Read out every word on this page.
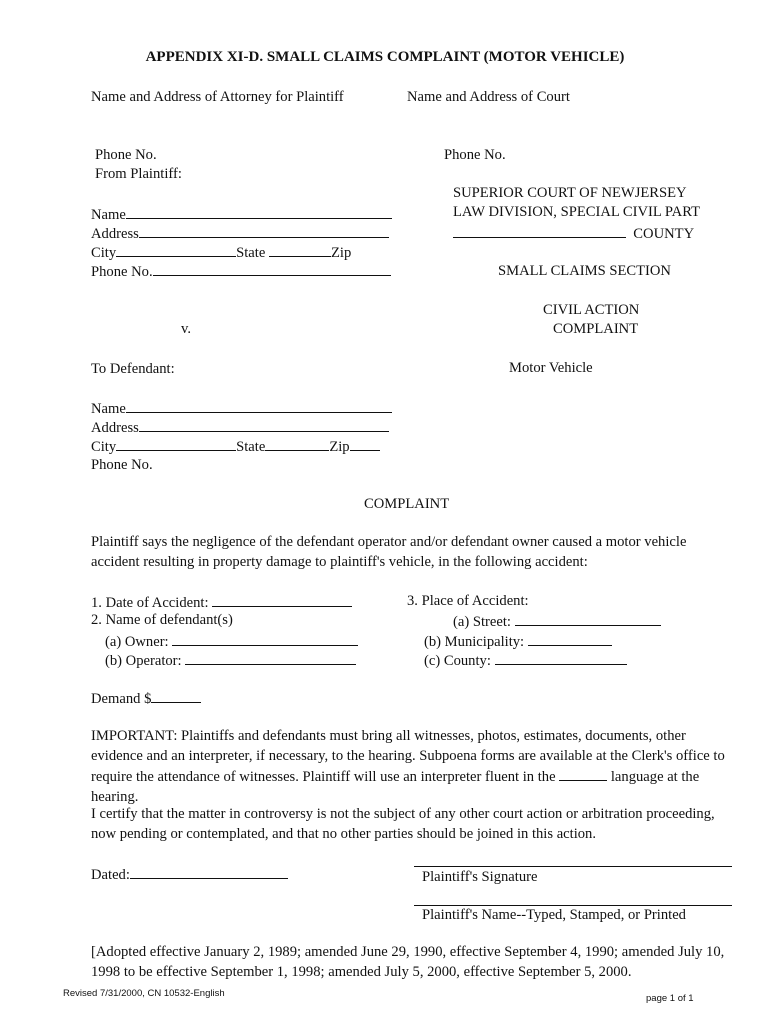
APPENDIX XI-D. SMALL CLAIMS COMPLAINT (MOTOR VEHICLE)
Name and Address of Attorney for Plaintiff	Name and Address of Court
Phone No.
From Plaintiff:
Phone No.
Name
Address
City	State	Zip
Phone No.
SUPERIOR COURT OF NEWJERSEY
LAW DIVISION, SPECIAL CIVIL PART
COUNTY
SMALL CLAIMS SECTION
CIVIL ACTION
COMPLAINT
Motor Vehicle
v.
To Defendant:
Name
Address
City	State	Zip
Phone No.
COMPLAINT
Plaintiff says the negligence of the defendant operator and/or defendant owner caused a motor vehicle accident resulting in property damage to plaintiff's vehicle, in the following accident:
1. Date of Accident:
2. Name of defendant(s)
(a) Owner:
(b) Operator:
3. Place of Accident:
(a) Street:
(b) Municipality:
(c) County:
Demand $
IMPORTANT: Plaintiffs and defendants must bring all witnesses, photos, estimates, documents, other evidence and an interpreter, if necessary, to the hearing. Subpoena forms are available at the Clerk's office to require the attendance of witnesses. Plaintiff will use an interpreter fluent in the	language at the hearing.
I certify that the matter in controversy is not the subject of any other court action or arbitration proceeding, now pending or contemplated, and that no other parties should be joined in this action.
Dated:	Plaintiff's Signature
Plaintiff's Name--Typed, Stamped, or Printed
[Adopted effective January 2, 1989; amended June 29, 1990, effective September 4, 1990; amended July 10, 1998 to be effective September 1, 1998; amended July 5, 2000, effective September 5, 2000.
Revised 7/31/2000, CN 10532-English	page 1 of 1
